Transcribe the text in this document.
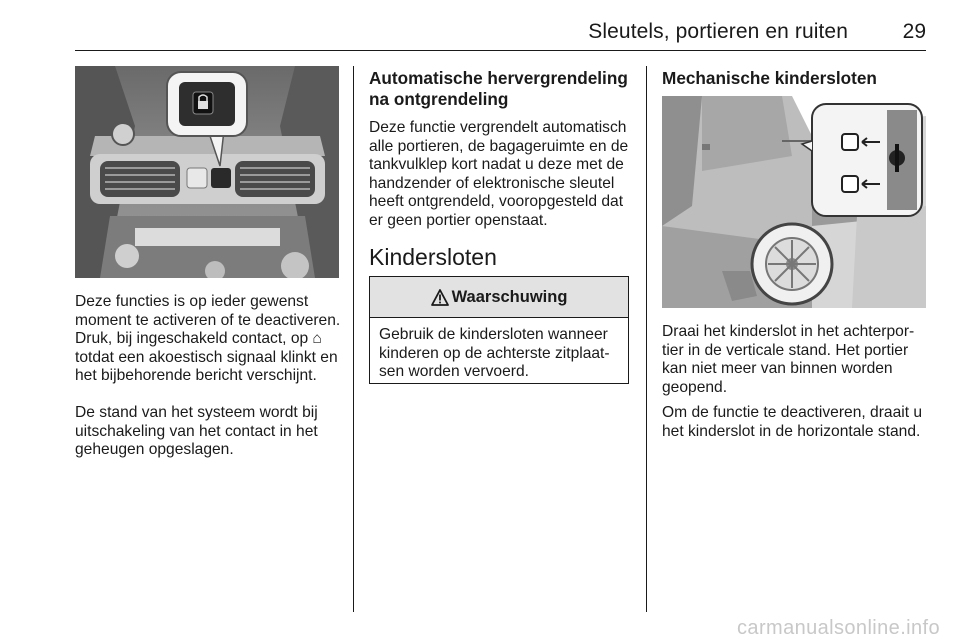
Sleutels, portieren en ruiten	29

Deze functies is op ieder gewenst moment te activeren of te deactiveren. Druk, bij ingeschakeld contact, op ⌂ totdat een akoestisch signaal klinkt en het bijbehorende bericht verschijnt.

De stand van het systeem wordt bij uitschakeling van het contact in het geheugen opgeslagen.

Automatische hervergrendeling na ontgrendeling

Deze functie vergrendelt automatisch alle portieren, de bagageruimte en de tankvulklep kort nadat u deze met de handzender of elektronische sleutel heeft ontgrendeld, vooropgesteld dat er geen portier openstaat.

Kindersloten
Waarschuwing

Gebruik de kindersloten wanneer kinderen op de achterste zitplaatsen worden vervoerd.

Mechanische kindersloten

Draai het kinderslot in het achterportier in de verticale stand. Het portier kan niet meer van binnen worden geopend.

Om de functie te deactiveren, draait u het kinderslot in de horizontale stand.

carmanualsonline.info
